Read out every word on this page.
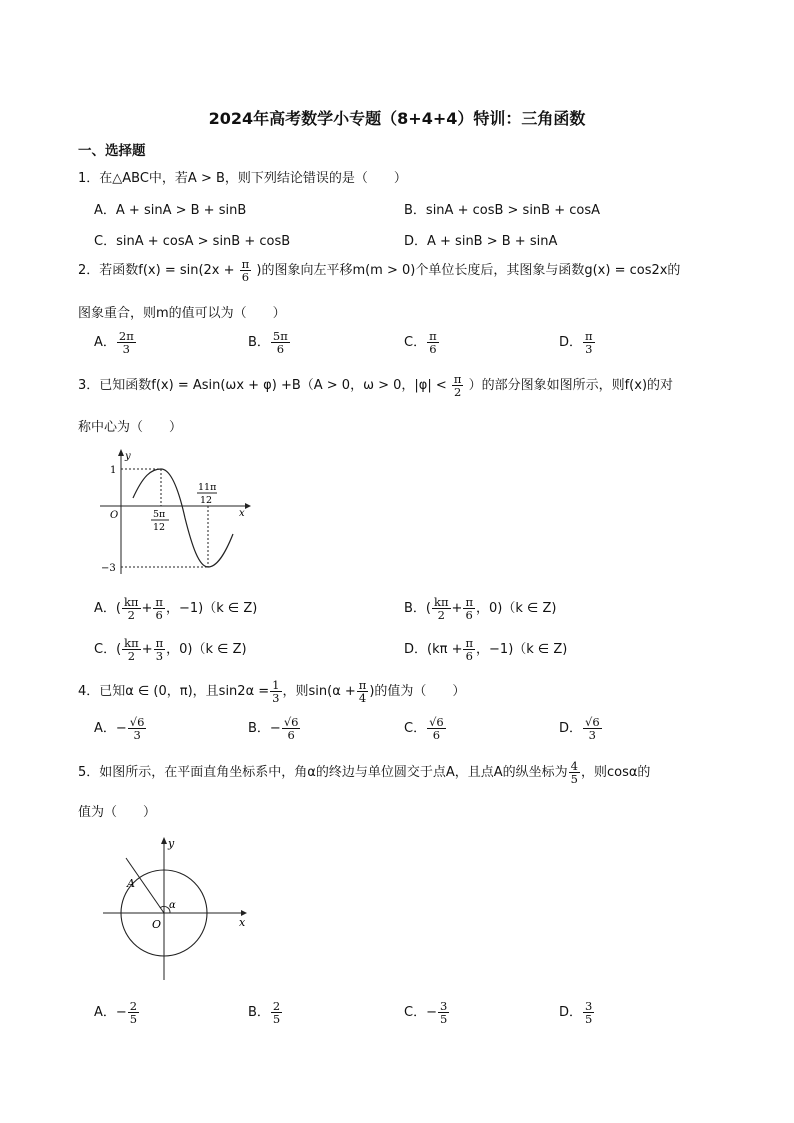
2024年高考数学小专题（8+4+4）特训：三角函数
一、选择题
1．在△ABC中，若A > B，则下列结论错误的是（　　）
A．A + sinA > B + sinB	B．sinA + cosB > sinB + cosA
C．sinA + cosA > sinB + cosB	D．A + sinB > B + sinA
2．若函数$f(x) = \sin(2x + \frac{\pi}{6}$ )的图象向左平移m(m > 0)个单位长度后，其图象与函数g(x) = cos2x的
图象重合，则m的值可以为（　　）
A． $\frac{2\pi}{3}$	B． $\frac{5\pi}{6}$	C． $\frac{\pi}{6}$	D． $\frac{\pi}{3}$
3．已知函数f(x) = Asin(ωx + φ) +B（A > 0，ω > 0，$|\varphi| < \frac{\pi}{2}$ ）的部分图象如图所示，则f(x)的对
称中心为（　　）
y
x
O
1
−3
5π
12
11π
12
A．( $\frac{k\pi}{2} + \frac{\pi}{6}$ ，−1)（k ∈ Z)	B．( $\frac{k\pi}{2} + \frac{\pi}{6}$ ，0)（k ∈ Z)
C．( $\frac{k\pi}{2} + \frac{\pi}{3}$ ，0)（k ∈ Z)	D．($k\pi + \frac{\pi}{6}$ ，−1)（k ∈ Z)
4．已知α ∈ (0，π)，且$\sin 2\alpha = \frac{1}{3}$ ，则$\sin(\alpha + \frac{\pi}{4}$ )的值为（　　）
A．− $\frac{√6}{3}$	B．− $\frac{√6}{6}$	C． $\frac{√6}{6}$	D． $\frac{√6}{3}$
5．如图所示，在平面直角坐标系中，角α的终边与单位圆交于点A，且点A的纵坐标为 $\frac{4}{5}$ ，则cosα的
值为（　　）
y
x
O
A
α
A．− $\frac{2}{5}$	B． $\frac{2}{5}$	C．− $\frac{3}{5}$	D． $\frac{3}{5}$
